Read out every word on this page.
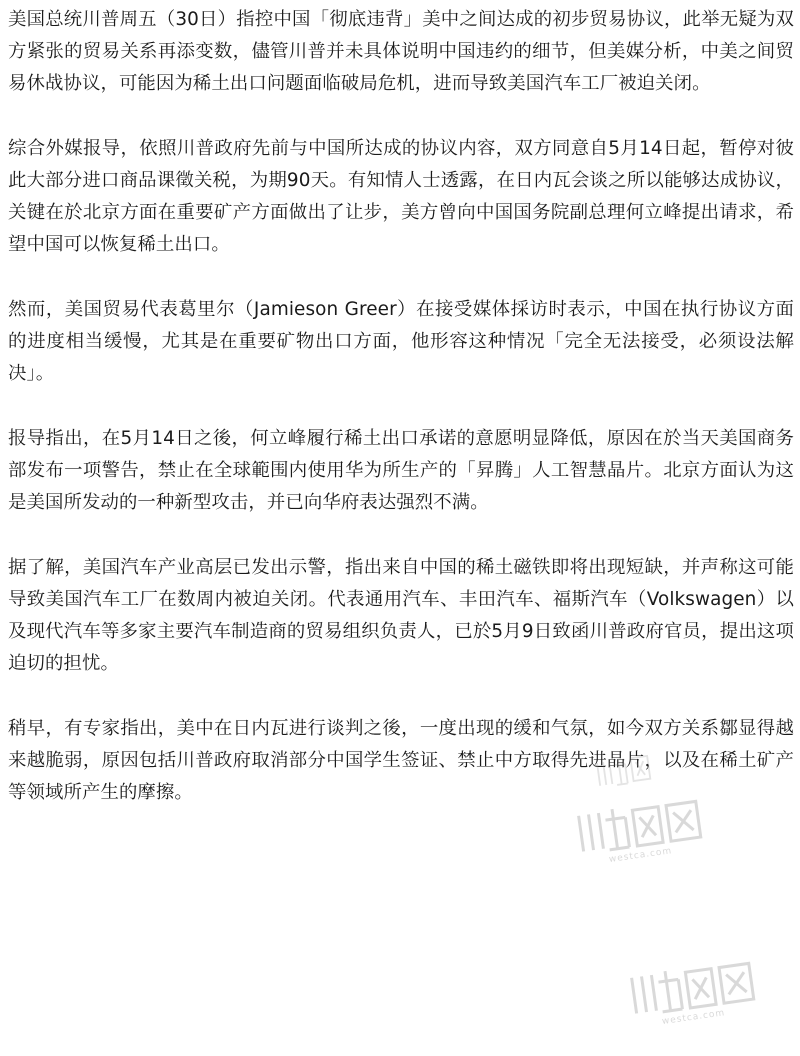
美国总统川普周五（30日）指控中国「彻底违背」美中之间达成的初步贸易协议，此举无疑为双方紧张的贸易关系再添变数，儘管川普并未具体说明中国违约的细节，但美媒分析，中美之间贸易休战协议，可能因为稀土出口问题面临破局危机，进而导致美国汽车工厂被迫关闭。

综合外媒报导，依照川普政府先前与中国所达成的协议内容，双方同意自5月14日起，暂停对彼此大部分进口商品课徵关税，为期90天。有知情人士透露，在日内瓦会谈之所以能够达成协议，关键在於北京方面在重要矿产方面做出了让步，美方曾向中国国务院副总理何立峰提出请求，希望中国可以恢复稀土出口。

然而，美国贸易代表葛里尔（Jamieson Greer）在接受媒体採访时表示，中国在执行协议方面的进度相当缓慢，尤其是在重要矿物出口方面，他形容这种情况「完全无法接受，必须设法解决」。

报导指出，在5月14日之後，何立峰履行稀土出口承诺的意愿明显降低，原因在於当天美国商务部发布一项警告，禁止在全球範围内使用华为所生产的「昇腾」人工智慧晶片。北京方面认为这是美国所发动的一种新型攻击，并已向华府表达强烈不满。

据了解，美国汽车产业高层已发出示警，指出来自中国的稀土磁铁即将出现短缺，并声称这可能导致美国汽车工厂在数周内被迫关闭。代表通用汽车、丰田汽车、福斯汽车（Volkswagen）以及现代汽车等多家主要汽车制造商的贸易组织负责人，已於5月9日致函川普政府官员，提出这项迫切的担忧。

稍早，有专家指出，美中在日内瓦进行谈判之後，一度出现的缓和气氛，如今双方关系鄒显得越来越脆弱，原因包括川普政府取消部分中国学生签证、禁止中方取得先进晶片，以及在稀土矿产等领域所产生的摩擦。

westca.com
westca.com
